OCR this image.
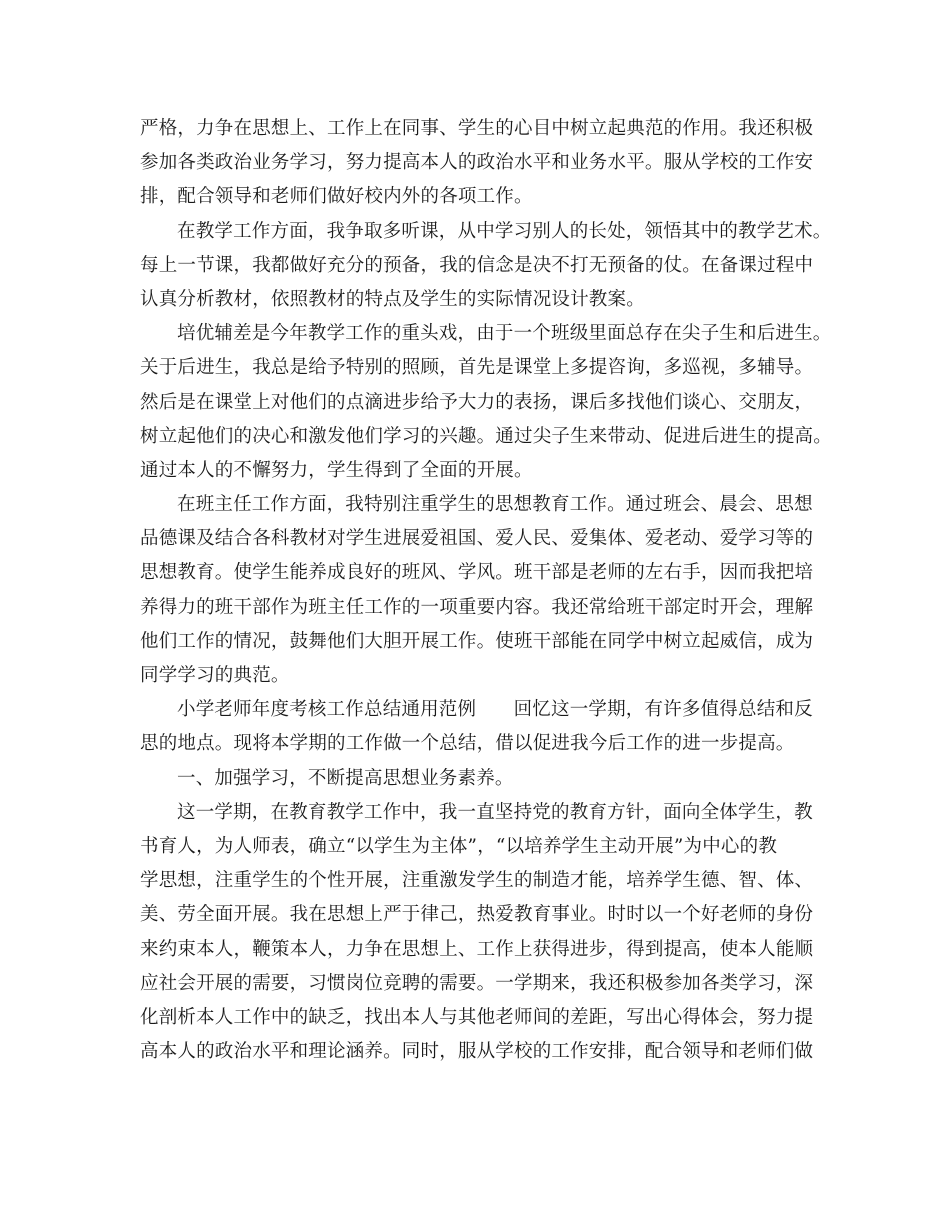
严格，力争在思想上、工作上在同事、学生的心目中树立起典范的作用。我还积极
参加各类政治业务学习，努力提高本人的政治水平和业务水平。服从学校的工作安
排，配合领导和老师们做好校内外的各项工作。
在教学工作方面，我争取多听课，从中学习别人的长处，领悟其中的教学艺术。
每上一节课，我都做好充分的预备，我的信念是决不打无预备的仗。在备课过程中
认真分析教材，依照教材的特点及学生的实际情况设计教案。
培优辅差是今年教学工作的重头戏，由于一个班级里面总存在尖子生和后进生。
关于后进生，我总是给予特别的照顾，首先是课堂上多提咨询，多巡视，多辅导。
然后是在课堂上对他们的点滴进步给予大力的表扬，课后多找他们谈心、交朋友，
树立起他们的决心和激发他们学习的兴趣。通过尖子生来带动、促进后进生的提高。
通过本人的不懈努力，学生得到了全面的开展。
在班主任工作方面，我特别注重学生的思想教育工作。通过班会、晨会、思想
品德课及结合各科教材对学生进展爱祖国、爱人民、爱集体、爱老动、爱学习等的
思想教育。使学生能养成良好的班风、学风。班干部是老师的左右手，因而我把培
养得力的班干部作为班主任工作的一项重要内容。我还常给班干部定时开会，理解
他们工作的情况，鼓舞他们大胆开展工作。使班干部能在同学中树立起威信，成为
同学学习的典范。
小学老师年度考核工作总结通用范例　　回忆这一学期，有许多值得总结和反
思的地点。现将本学期的工作做一个总结，借以促进我今后工作的进一步提高。
一、加强学习，不断提高思想业务素养。
这一学期，在教育教学工作中，我一直坚持党的教育方针，面向全体学生，教
书育人，为人师表，确立“以学生为主体”，“以培养学生主动开展”为中心的教
学思想，注重学生的个性开展，注重激发学生的制造才能，培养学生德、智、体、
美、劳全面开展。我在思想上严于律己，热爱教育事业。时时以一个好老师的身份
来约束本人，鞭策本人，力争在思想上、工作上获得进步，得到提高，使本人能顺
应社会开展的需要，习惯岗位竞聘的需要。一学期来，我还积极参加各类学习，深
化剖析本人工作中的缺乏，找出本人与其他老师间的差距，写出心得体会，努力提
高本人的政治水平和理论涵养。同时，服从学校的工作安排，配合领导和老师们做
